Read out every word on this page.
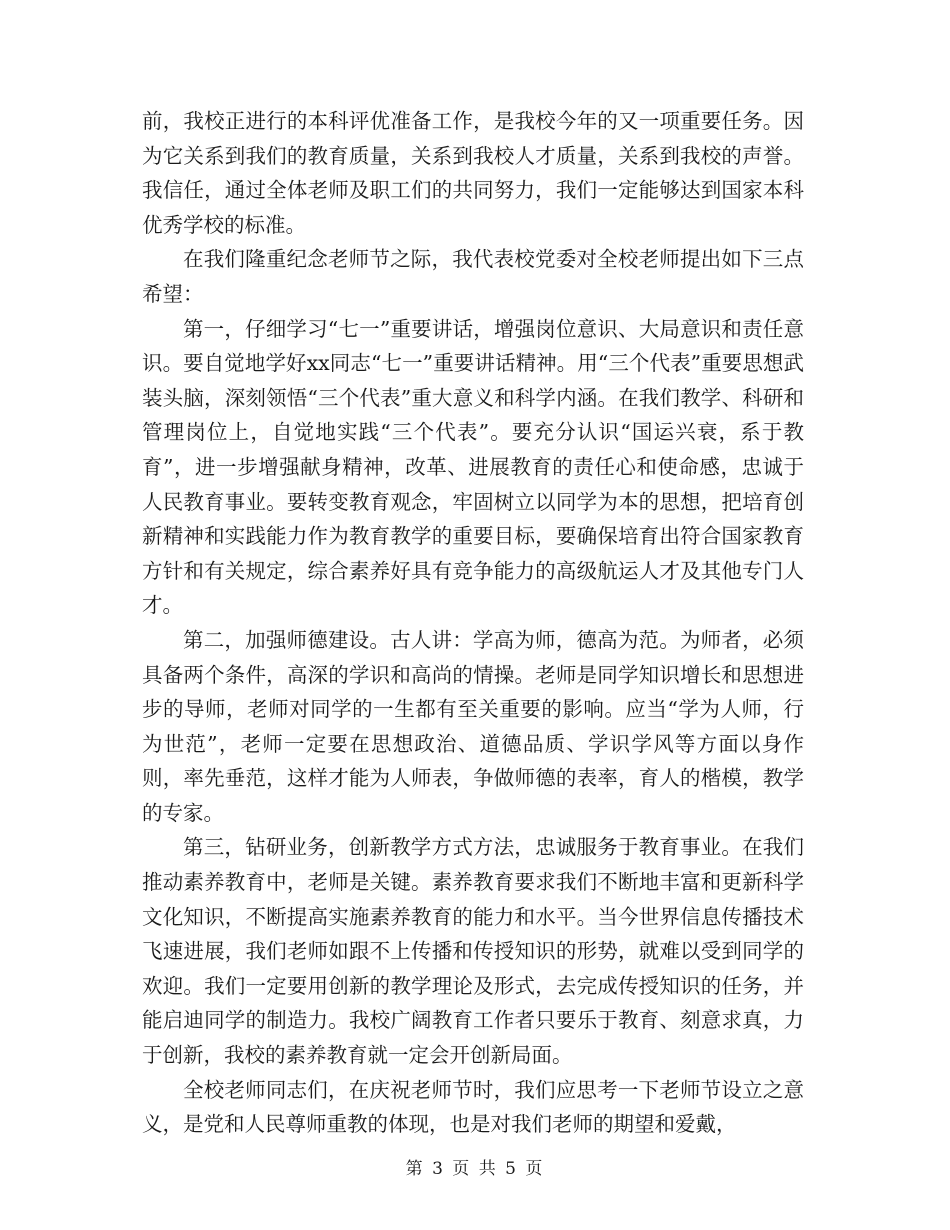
前，我校正进行的本科评优准备工作，是我校今年的又一项重要任务。因为它关系到我们的教育质量，关系到我校人才质量，关系到我校的声誉。我信任，通过全体老师及职工们的共同努力，我们一定能够达到国家本科优秀学校的标准。

在我们隆重纪念老师节之际，我代表校党委对全校老师提出如下三点希望：

第一，仔细学习“七一”重要讲话，增强岗位意识、大局意识和责任意识。要自觉地学好xx同志“七一”重要讲话精神。用“三个代表”重要思想武装头脑，深刻领悟“三个代表”重大意义和科学内涵。在我们教学、科研和管理岗位上，自觉地实践“三个代表”。要充分认识“国运兴衰，系于教育”，进一步增强献身精神，改革、进展教育的责任心和使命感，忠诚于人民教育事业。要转变教育观念，牢固树立以同学为本的思想，把培育创新精神和实践能力作为教育教学的重要目标，要确保培育出符合国家教育方针和有关规定，综合素养好具有竞争能力的高级航运人才及其他专门人才。

第二，加强师德建设。古人讲：学高为师，德高为范。为师者，必须具备两个条件，高深的学识和高尚的情操。老师是同学知识增长和思想进步的导师，老师对同学的一生都有至关重要的影响。应当“学为人师，行为世范”，老师一定要在思想政治、道德品质、学识学风等方面以身作则，率先垂范，这样才能为人师表，争做师德的表率，育人的楷模，教学的专家。

第三，钻研业务，创新教学方式方法，忠诚服务于教育事业。在我们推动素养教育中，老师是关键。素养教育要求我们不断地丰富和更新科学文化知识，不断提高实施素养教育的能力和水平。当今世界信息传播技术飞速进展，我们老师如跟不上传播和传授知识的形势，就难以受到同学的欢迎。我们一定要用创新的教学理论及形式，去完成传授知识的任务，并能启迪同学的制造力。我校广阔教育工作者只要乐于教育、刻意求真，力于创新，我校的素养教育就一定会开创新局面。

全校老师同志们，在庆祝老师节时，我们应思考一下老师节设立之意义，是党和人民尊师重教的体现，也是对我们老师的期望和爱戴，

第 3 页 共 5 页
